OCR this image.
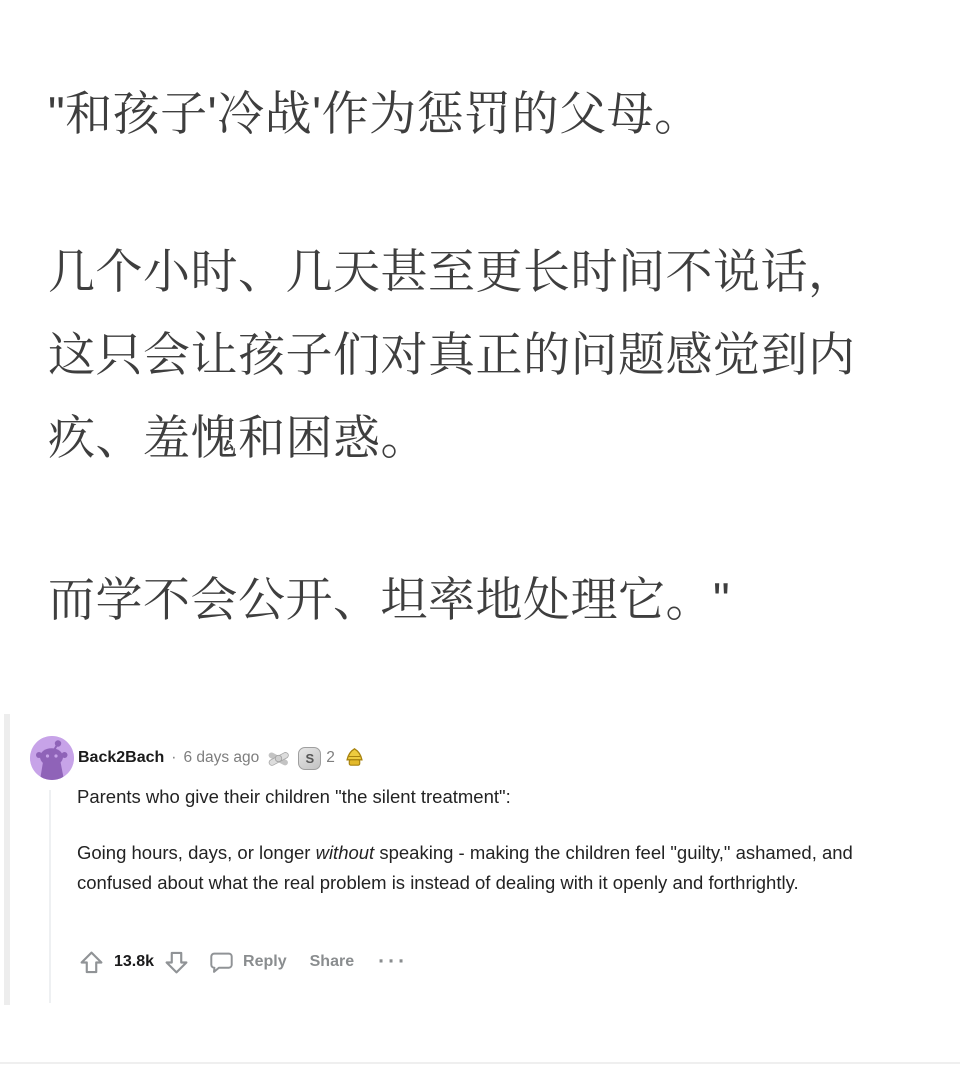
"和孩子'冷战'作为惩罚的父母。
几个小时、几天甚至更长时间不说话，
这只会让孩子们对真正的问题感觉到内
疚、羞愧和困惑。
而学不会公开、坦率地处理它。"
Back2Bach · 6 days ago	S 2
Parents who give their children "the silent treatment":

Going hours, days, or longer without speaking - making the children feel "guilty," ashamed, and confused about what the real problem is instead of dealing with it openly and forthrightly.

13.8k	Reply Share ···
